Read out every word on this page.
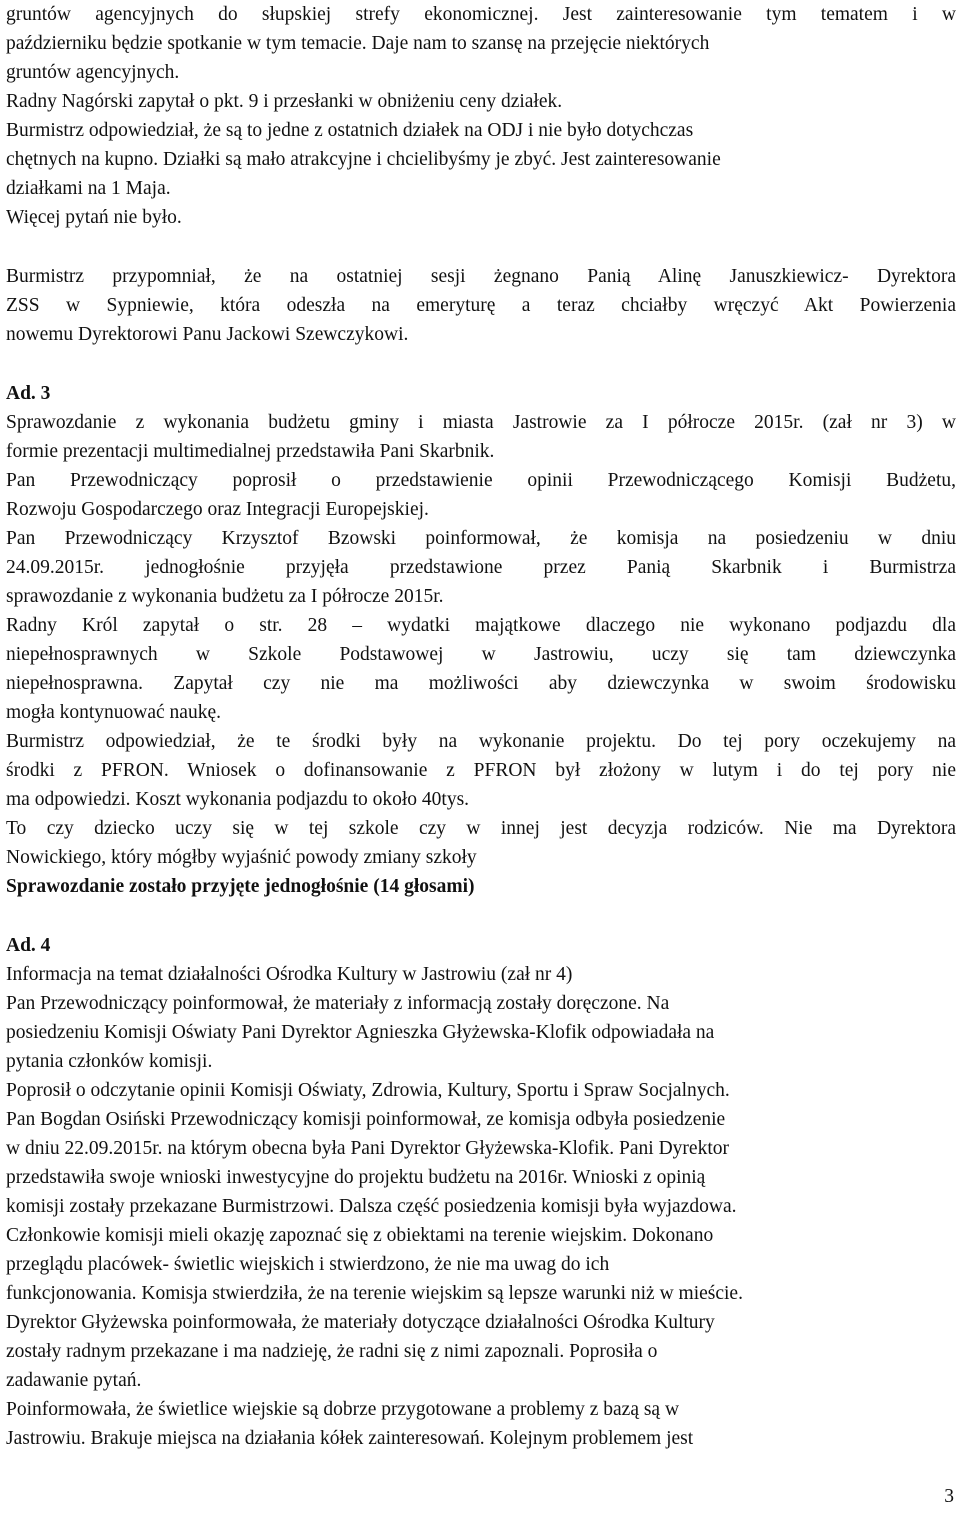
gruntów agencyjnych do słupskiej strefy ekonomicznej. Jest zainteresowanie tym tematem i w
październiku będzie spotkanie w tym temacie. Daje nam to szansę na przejęcie niektórych
gruntów agencyjnych.
Radny Nagórski zapytał o pkt. 9 i przesłanki w obniżeniu ceny działek.
Burmistrz odpowiedział, że są to jedne z ostatnich działek na ODJ i nie było dotychczas
chętnych na kupno. Działki są mało atrakcyjne i chcielibyśmy je zbyć. Jest zainteresowanie
działkami na 1 Maja.
Więcej pytań nie było.
Burmistrz przypomniał, że na ostatniej sesji żegnano Panią Alinę Januszkiewicz- Dyrektora
ZSS w Sypniewie, która odeszła na emeryturę a teraz chciałby wręczyć Akt Powierzenia
nowemu Dyrektorowi Panu Jackowi Szewczykowi.
Ad. 3
Sprawozdanie z wykonania budżetu gminy i miasta Jastrowie za I półrocze 2015r. (zał nr 3) w
formie prezentacji multimedialnej przedstawiła Pani Skarbnik.
Pan Przewodniczący poprosił o przedstawienie opinii Przewodniczącego Komisji Budżetu,
Rozwoju Gospodarczego oraz Integracji Europejskiej.
Pan Przewodniczący Krzysztof Bzowski poinformował, że komisja na posiedzeniu w dniu
24.09.2015r. jednogłośnie przyjęła przedstawione przez Panią Skarbnik i Burmistrza
sprawozdanie z wykonania budżetu za I półrocze 2015r.
Radny Król zapytał o str. 28 – wydatki majątkowe dlaczego nie wykonano podjazdu dla
niepełnosprawnych w Szkole Podstawowej w Jastrowiu, uczy się tam dziewczynka
niepełnosprawna. Zapytał czy nie ma możliwości aby dziewczynka w swoim środowisku
mogła kontynuować naukę.
Burmistrz odpowiedział, że te środki były na wykonanie projektu. Do tej pory oczekujemy na
środki z PFRON. Wniosek o dofinansowanie z PFRON był złożony w lutym i do tej pory nie
ma odpowiedzi. Koszt wykonania podjazdu to około 40tys.
To czy dziecko uczy się w tej szkole czy w innej jest decyzja rodziców. Nie ma Dyrektora
Nowickiego, który mógłby wyjaśnić powody zmiany szkoły
Sprawozdanie zostało przyjęte jednogłośnie (14 głosami)
Ad. 4
Informacja na temat działalności Ośrodka Kultury w Jastrowiu (zał nr 4)
Pan Przewodniczący poinformował, że materiały z informacją zostały doręczone. Na
posiedzeniu Komisji Oświaty Pani Dyrektor Agnieszka Głyżewska-Klofik odpowiadała na
pytania członków komisji.
Poprosił o odczytanie opinii Komisji Oświaty, Zdrowia, Kultury, Sportu i Spraw Socjalnych.
Pan Bogdan Osiński Przewodniczący komisji poinformował, ze komisja odbyła posiedzenie
w dniu 22.09.2015r. na którym obecna była Pani Dyrektor Głyżewska-Klofik. Pani Dyrektor
przedstawiła swoje wnioski inwestycyjne do projektu budżetu na 2016r. Wnioski z opinią
komisji zostały przekazane Burmistrzowi. Dalsza część posiedzenia komisji była wyjazdowa.
Członkowie komisji mieli okazję zapoznać się z obiektami na terenie wiejskim. Dokonano
przeglądu placówek- świetlic wiejskich i stwierdzono, że nie ma uwag do ich
funkcjonowania. Komisja stwierdziła, że na terenie wiejskim są lepsze warunki niż w mieście.
Dyrektor Głyżewska poinformowała, że materiały dotyczące działalności Ośrodka Kultury
zostały radnym przekazane i ma nadzieję, że radni się z nimi zapoznali. Poprosiła o
zadawanie pytań.
Poinformowała, że świetlice wiejskie są dobrze przygotowane a problemy z bazą są w
Jastrowiu. Brakuje miejsca na działania kółek zainteresowań. Kolejnym problemem jest
3
